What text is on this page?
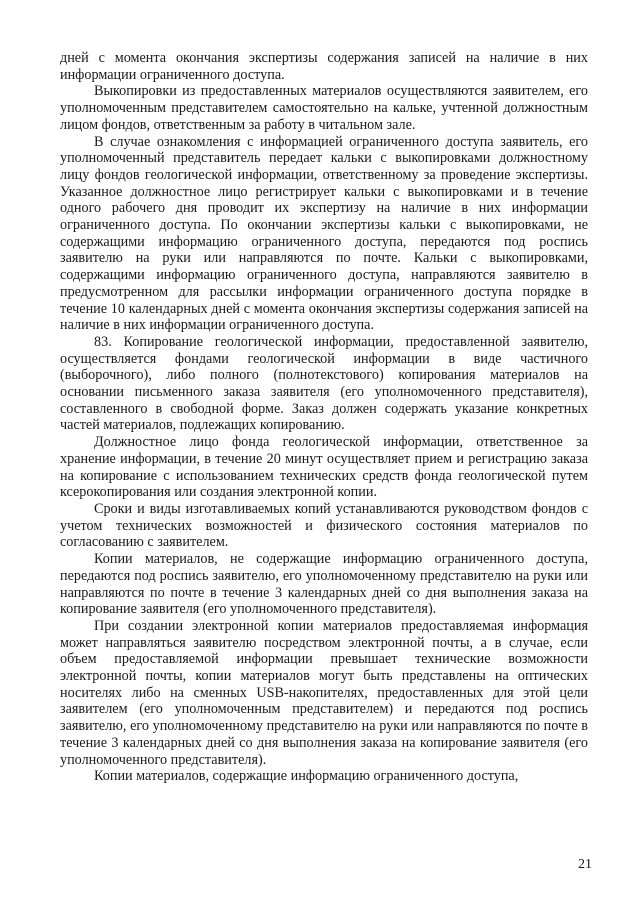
дней с момента окончания экспертизы содержания записей на наличие в них информации ограниченного доступа.

Выкопировки из предоставленных материалов осуществляются заявителем, его уполномоченным представителем самостоятельно на кальке, учтенной должностным лицом фондов, ответственным за работу в читальном зале.

В случае ознакомления с информацией ограниченного доступа заявитель, его уполномоченный представитель передает кальки с выкопировками должностному лицу фондов геологической информации, ответственному за проведение экспертизы. Указанное должностное лицо регистрирует кальки с выкопировками и в течение одного рабочего дня проводит их экспертизу на наличие в них информации ограниченного доступа. По окончании экспертизы кальки с выкопировками, не содержащими информацию ограниченного доступа, передаются под роспись заявителю на руки или направляются по почте. Кальки с выкопировками, содержащими информацию ограниченного доступа, направляются заявителю в предусмотренном для рассылки информации ограниченного доступа порядке в течение 10 календарных дней с момента окончания экспертизы содержания записей на наличие в них информации ограниченного доступа.

83. Копирование геологической информации, предоставленной заявителю, осуществляется фондами геологической информации в виде частичного (выборочного), либо полного (полнотекстового) копирования материалов на основании письменного заказа заявителя (его уполномоченного представителя), составленного в свободной форме. Заказ должен содержать указание конкретных частей материалов, подлежащих копированию.

Должностное лицо фонда геологической информации, ответственное за хранение информации, в течение 20 минут осуществляет прием и регистрацию заказа на копирование с использованием технических средств фонда геологической путем ксерокопирования или создания электронной копии.

Сроки и виды изготавливаемых копий устанавливаются руководством фондов с учетом технических возможностей и физического состояния материалов по согласованию с заявителем.

Копии материалов, не содержащие информацию ограниченного доступа, передаются под роспись заявителю, его уполномоченному представителю на руки или направляются по почте в течение 3 календарных дней со дня выполнения заказа на копирование заявителя (его уполномоченного представителя).

При создании электронной копии материалов предоставляемая информация может направляться заявителю посредством электронной почты, а в случае, если объем предоставляемой информации превышает технические возможности электронной почты, копии материалов могут быть представлены на оптических носителях либо на сменных USB-накопителях, предоставленных для этой цели заявителем (его уполномоченным представителем) и передаются под роспись заявителю, его уполномоченному представителю на руки или направляются по почте в течение 3 календарных дней со дня выполнения заказа на копирование заявителя (его уполномоченного представителя).

Копии материалов, содержащие информацию ограниченного доступа,

21
